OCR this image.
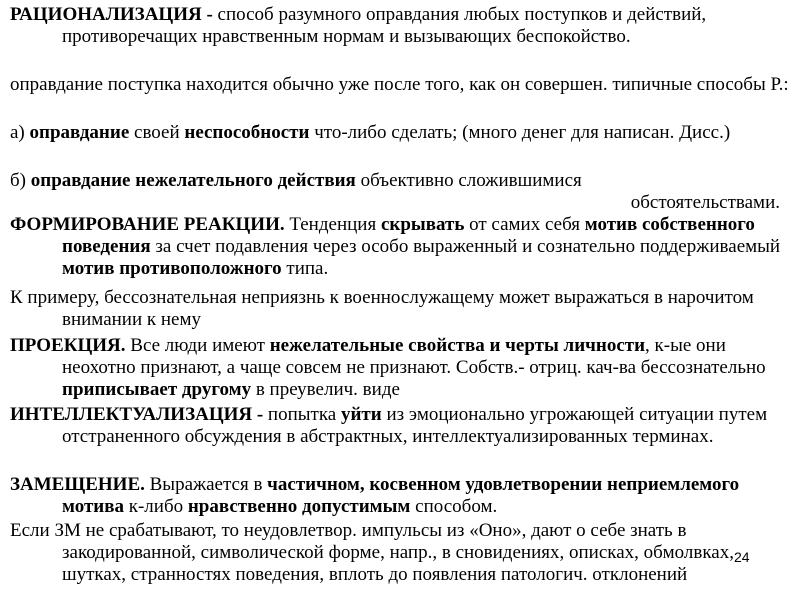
РАЦИОНАЛИЗАЦИЯ - способ разумного оправдания любых поступков и действий, противоречащих нравственным нормам и вызывающих беспокойство.

оправдание поступка находится обычно уже после того, как он совершен. типичные способы Р.:

а) оправдание своей неспособности что-либо сделать; (много денег для написан. Дисс.)

б) оправдание нежелательного действия объективно сложившимися
обстоятельствами.

ФОРМИРОВАНИЕ РЕАКЦИИ. Тенденция скрывать от самих себя мотив собственного поведения за счет подавления через особо выраженный и сознательно поддерживаемый мотив противоположного типа.

К примеру, бессознательная неприязнь к военнослужащему может выражаться в нарочитом внимании к нему

ПРОЕКЦИЯ. Все люди имеют нежелательные свойства и черты личности, к-ые они неохотно признают, а чаще совсем не признают. Собств.- отриц. кач-ва бессознательно приписывает другому в преувелич. виде

ИНТЕЛЛЕКТУАЛИЗАЦИЯ - попытка уйти из эмоционально угрожающей ситуации путем отстраненного обсуждения в абстрактных, интеллектуализированных терминах.

ЗАМЕЩЕНИЕ. Выражается в частичном, косвенном удовлетворении неприемлемого мотива к-либо нравственно допустимым способом.

Если ЗМ не срабатывают, то неудовлетвор. импульсы из «Оно», дают о себе знать в закодированной, символической форме, напр., в сновидениях, описках, обмолвках, шутках, странностях поведения, вплоть до появления патологич. отклонений

24
